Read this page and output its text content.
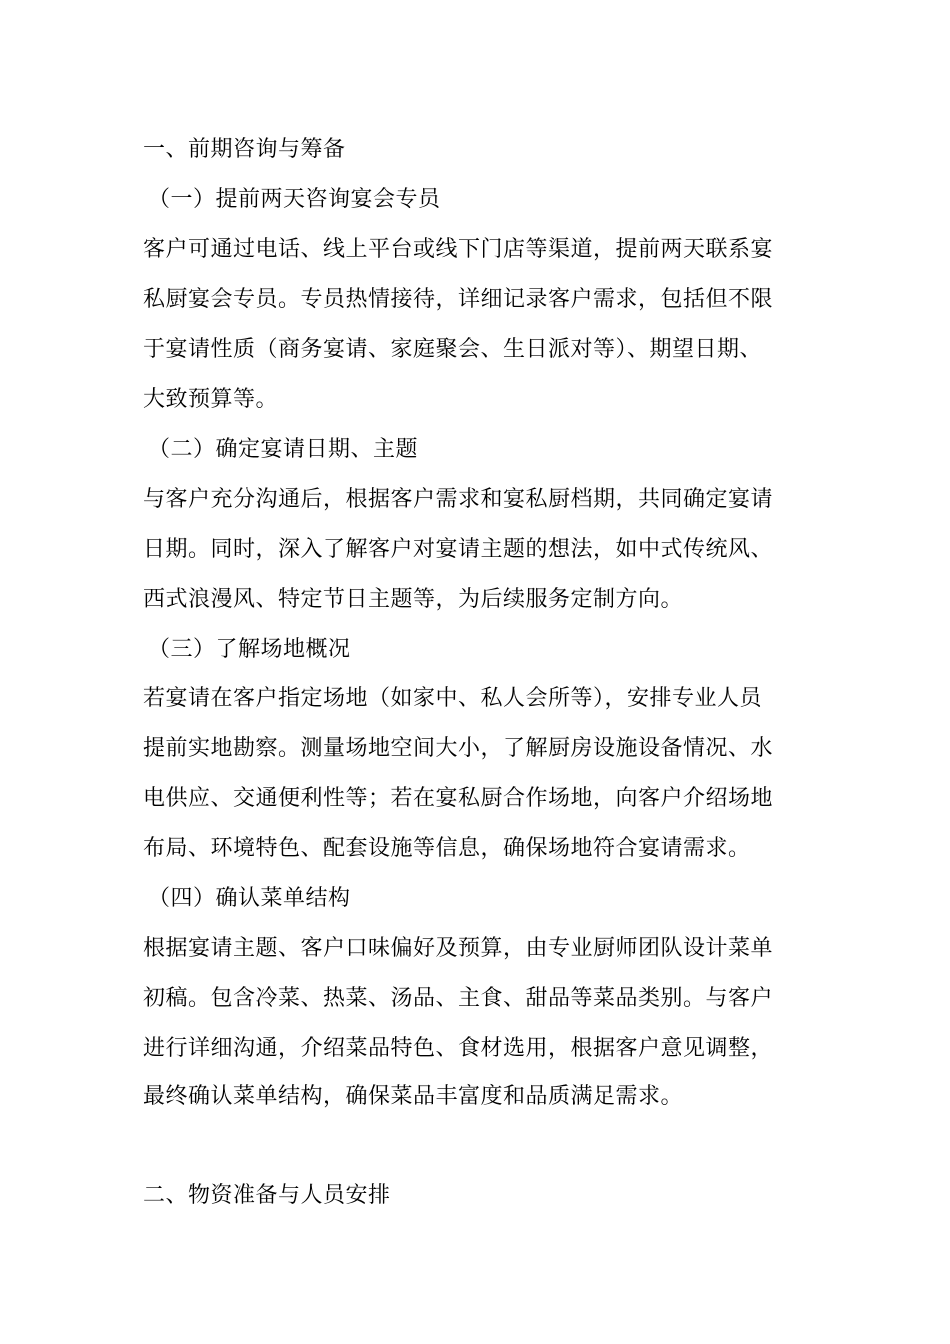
一、前期咨询与筹备
（一）提前两天咨询宴会专员
客户可通过电话、线上平台或线下门店等渠道，提前两天联系宴
私厨宴会专员。专员热情接待，详细记录客户需求，包括但不限
于宴请性质（商务宴请、家庭聚会、生日派对等）、期望日期、
大致预算等。
（二）确定宴请日期、主题
与客户充分沟通后，根据客户需求和宴私厨档期，共同确定宴请
日期。同时，深入了解客户对宴请主题的想法，如中式传统风、
西式浪漫风、特定节日主题等，为后续服务定制方向。
（三）了解场地概况
若宴请在客户指定场地（如家中、私人会所等），安排专业人员
提前实地勘察。测量场地空间大小，了解厨房设施设备情况、水
电供应、交通便利性等；若在宴私厨合作场地，向客户介绍场地
布局、环境特色、配套设施等信息，确保场地符合宴请需求。
（四）确认菜单结构
根据宴请主题、客户口味偏好及预算，由专业厨师团队设计菜单
初稿。包含冷菜、热菜、汤品、主食、甜品等菜品类别。与客户
进行详细沟通，介绍菜品特色、食材选用，根据客户意见调整，
最终确认菜单结构，确保菜品丰富度和品质满足需求。
二、物资准备与人员安排
